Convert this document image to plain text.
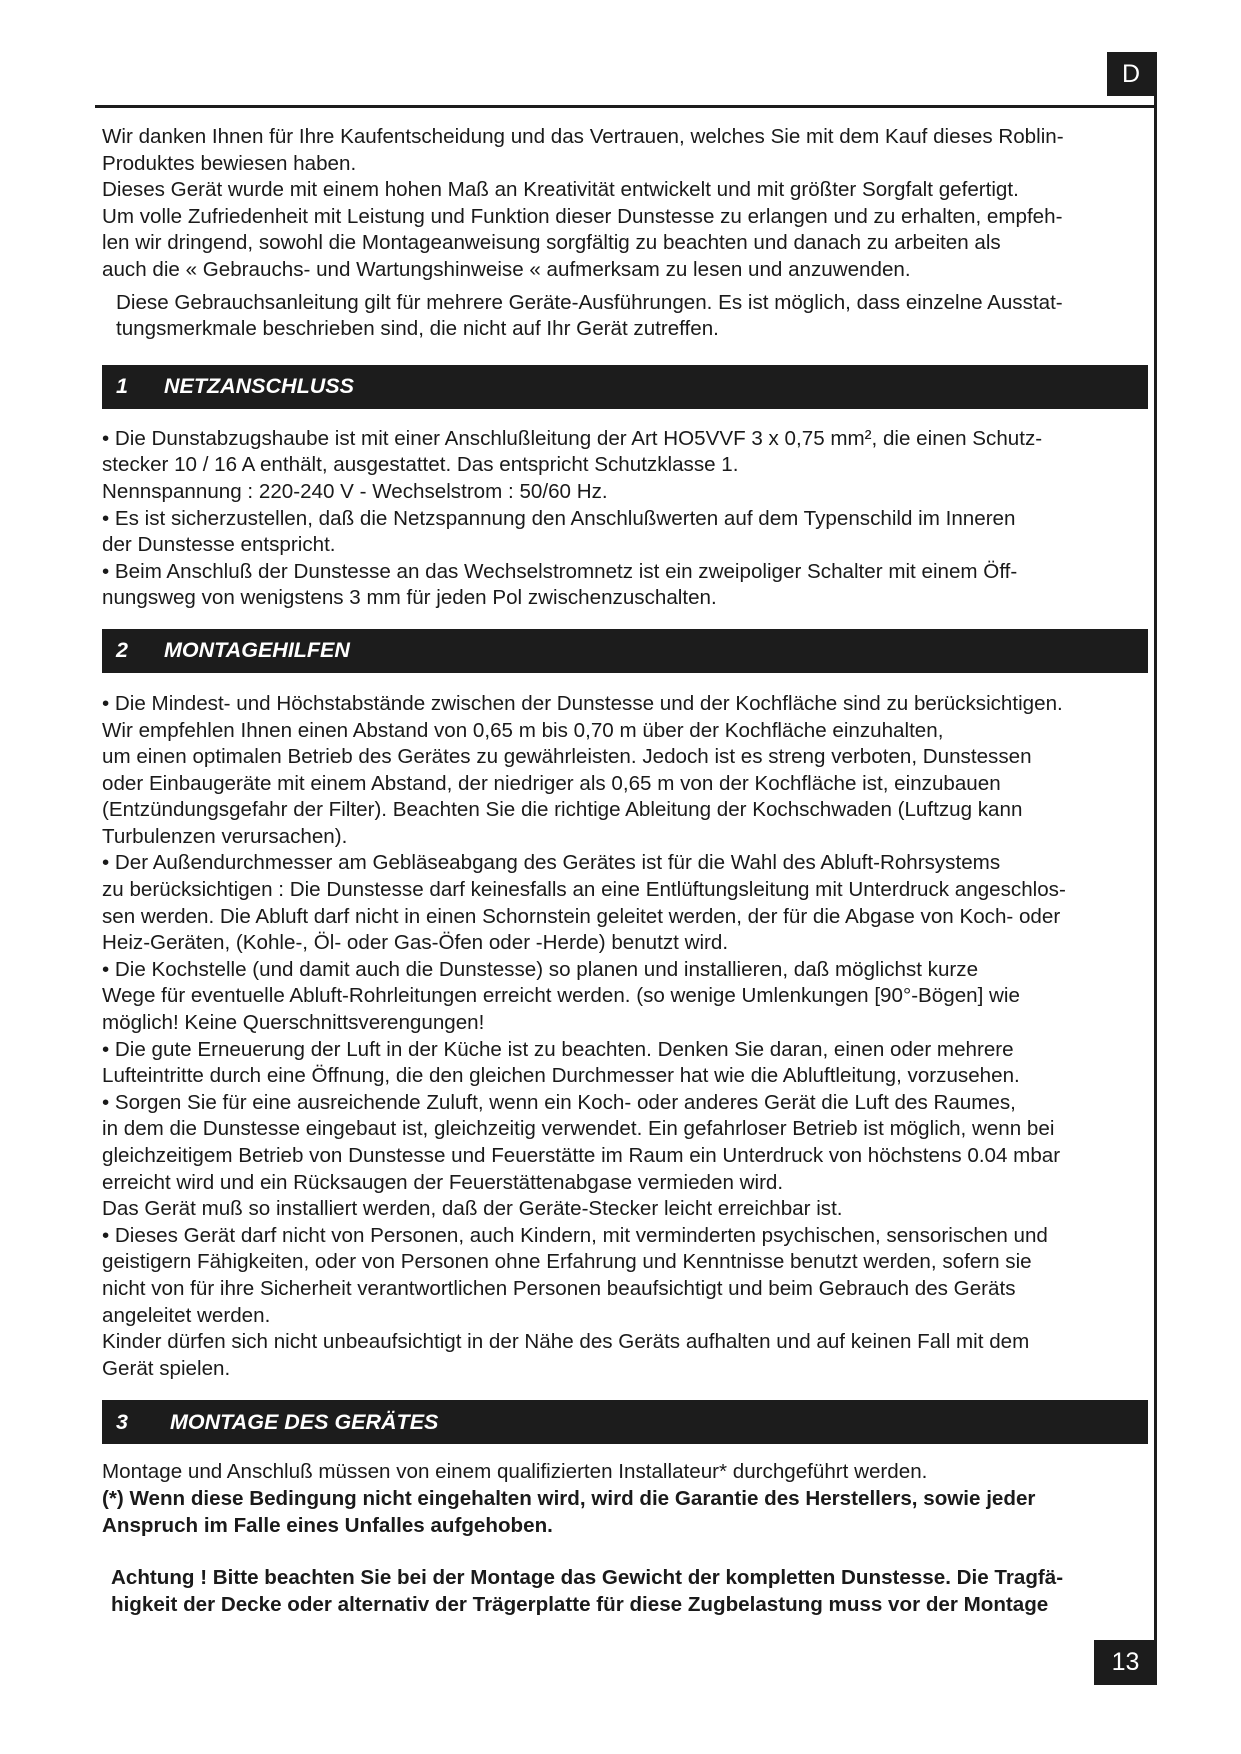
D

Wir danken Ihnen für Ihre Kaufentscheidung und das Vertrauen, welches Sie mit dem Kauf dieses Roblin-

Produktes bewiesen haben.

Dieses Gerät wurde mit einem hohen Maß an Kreativität entwickelt und mit größter Sorgfalt gefertigt.

Um volle Zufriedenheit mit Leistung und Funktion dieser Dunstesse zu erlangen und zu erhalten, empfeh-

len wir dringend, sowohl die Montageanweisung sorgfältig zu beachten und danach zu arbeiten als

auch die « Gebrauchs- und Wartungshinweise « aufmerksam zu lesen und anzuwenden.

Diese Gebrauchsanleitung gilt für mehrere Geräte-Ausführungen. Es ist möglich, dass einzelne Ausstat-

tungsmerkmale beschrieben sind, die nicht auf Ihr Gerät zutreffen.

1	NETZANSCHLUSS

• Die Dunstabzugshaube ist mit einer Anschlußleitung der Art HO5VVF 3 x 0,75 mm², die einen Schutz-

stecker 10 / 16 A enthält, ausgestattet. Das entspricht Schutzklasse 1.

Nennspannung : 220-240 V - Wechselstrom : 50/60 Hz.

• Es ist sicherzustellen, daß die Netzspannung den Anschlußwerten auf dem Typenschild im Inneren

der Dunstesse entspricht.

• Beim Anschluß der Dunstesse an das Wechselstromnetz ist ein zweipoliger Schalter mit einem Öff-

nungsweg von wenigstens 3 mm für jeden Pol zwischenzuschalten.

2	MONTAGEHILFEN

• Die Mindest- und Höchstabstände zwischen der Dunstesse und der Kochfläche sind zu berücksichtigen.

Wir empfehlen Ihnen einen Abstand von 0,65 m bis 0,70 m über der Kochfläche einzuhalten,

um einen optimalen Betrieb des Gerätes zu gewährleisten. Jedoch ist es streng verboten, Dunstessen

oder Einbaugeräte mit einem Abstand, der niedriger als 0,65 m von der Kochfläche ist, einzubauen

(Entzündungsgefahr der Filter). Beachten Sie die richtige Ableitung der Kochschwaden (Luftzug kann

Turbulenzen verursachen).

• Der Außendurchmesser am Gebläseabgang des Gerätes ist für die Wahl des Abluft-Rohrsystems

zu berücksichtigen : Die Dunstesse darf keinesfalls an eine Entlüftungsleitung mit Unterdruck angeschlos-

sen werden. Die Abluft darf nicht in einen Schornstein geleitet werden, der für die Abgase von Koch- oder

Heiz-Geräten, (Kohle-, Öl- oder Gas-Öfen oder -Herde) benutzt wird.

• Die Kochstelle (und damit auch die Dunstesse) so planen und installieren, daß möglichst kurze

Wege für eventuelle Abluft-Rohrleitungen erreicht werden. (so wenige Umlenkungen [90°-Bögen] wie

möglich! Keine Querschnittsverengungen!

• Die gute Erneuerung der Luft in der Küche ist zu beachten. Denken Sie daran, einen oder mehrere

Lufteintritte durch eine Öffnung, die den gleichen Durchmesser hat wie die Abluftleitung, vorzusehen.

• Sorgen Sie für eine ausreichende Zuluft, wenn ein Koch- oder anderes Gerät die Luft des Raumes,

in dem die Dunstesse eingebaut ist, gleichzeitig verwendet. Ein gefahrloser Betrieb ist möglich, wenn bei

gleichzeitigem Betrieb von Dunstesse und Feuerstätte im Raum ein Unterdruck von höchstens 0.04 mbar

erreicht wird und ein Rücksaugen der Feuerstättenabgase vermieden wird.

Das Gerät muß so installiert werden, daß der Geräte-Stecker leicht erreichbar ist.

• Dieses Gerät darf nicht von Personen, auch Kindern, mit verminderten psychischen, sensorischen und

geistigern Fähigkeiten, oder von Personen ohne Erfahrung und Kenntnisse benutzt werden, sofern sie

nicht von für ihre Sicherheit verantwortlichen Personen beaufsichtigt und beim Gebrauch des Geräts

angeleitet werden.

Kinder dürfen sich nicht unbeaufsichtigt in der Nähe des Geräts aufhalten und auf keinen Fall mit dem

Gerät spielen.

3	MONTAGE DES GERÄTES

Montage und Anschluß müssen von einem qualifizierten Installateur* durchgeführt werden.

(*) Wenn diese Bedingung nicht eingehalten wird, wird die Garantie des Herstellers, sowie jeder

Anspruch im Falle eines Unfalles aufgehoben.

Achtung ! Bitte beachten Sie bei der Montage das Gewicht der kompletten Dunstesse. Die Tragfä-

higkeit der Decke oder alternativ der Trägerplatte für diese Zugbelastung muss vor der Montage

13
